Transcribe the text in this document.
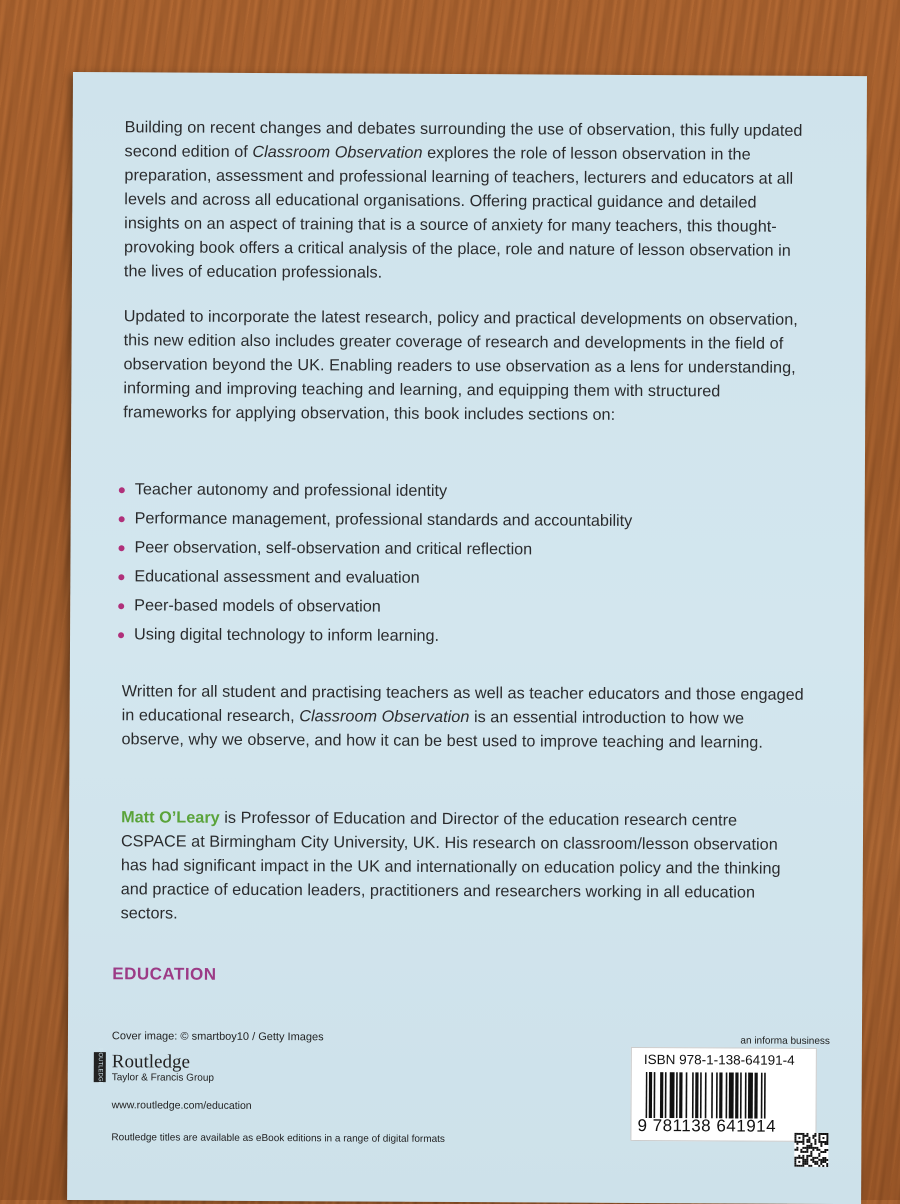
Building on recent changes and debates surrounding the use of observation, this fully updated second edition of Classroom Observation explores the role of lesson observation in the preparation, assessment and professional learning of teachers, lecturers and educators at all levels and across all educational organisations. Offering practical guidance and detailed insights on an aspect of training that is a source of anxiety for many teachers, this thought-provoking book offers a critical analysis of the place, role and nature of lesson observation in the lives of education professionals.

Updated to incorporate the latest research, policy and practical developments on observation, this new edition also includes greater coverage of research and developments in the field of observation beyond the UK. Enabling readers to use observation as a lens for understanding, informing and improving teaching and learning, and equipping them with structured frameworks for applying observation, this book includes sections on:

Teacher autonomy and professional identity
Performance management, professional standards and accountability
Peer observation, self-observation and critical reflection
Educational assessment and evaluation
Peer-based models of observation
Using digital technology to inform learning.

Written for all student and practising teachers as well as teacher educators and those engaged in educational research, Classroom Observation is an essential introduction to how we observe, why we observe, and how it can be best used to improve teaching and learning.

Matt O’Leary is Professor of Education and Director of the education research centre CSPACE at Birmingham City University, UK. His research on classroom/lesson observation has had significant impact in the UK and internationally on education policy and the thinking and practice of education leaders, practitioners and researchers working in all education sectors.

EDUCATION
Cover image: © smartboy10 / Getty Images
ROUTLEDGE Routledge
Taylor & Francis Group
www.routledge.com/education
Routledge titles are available as eBook editions in a range of digital formats
an informa business
ISBN 978-1-138-64191-4
9 781138 641914
